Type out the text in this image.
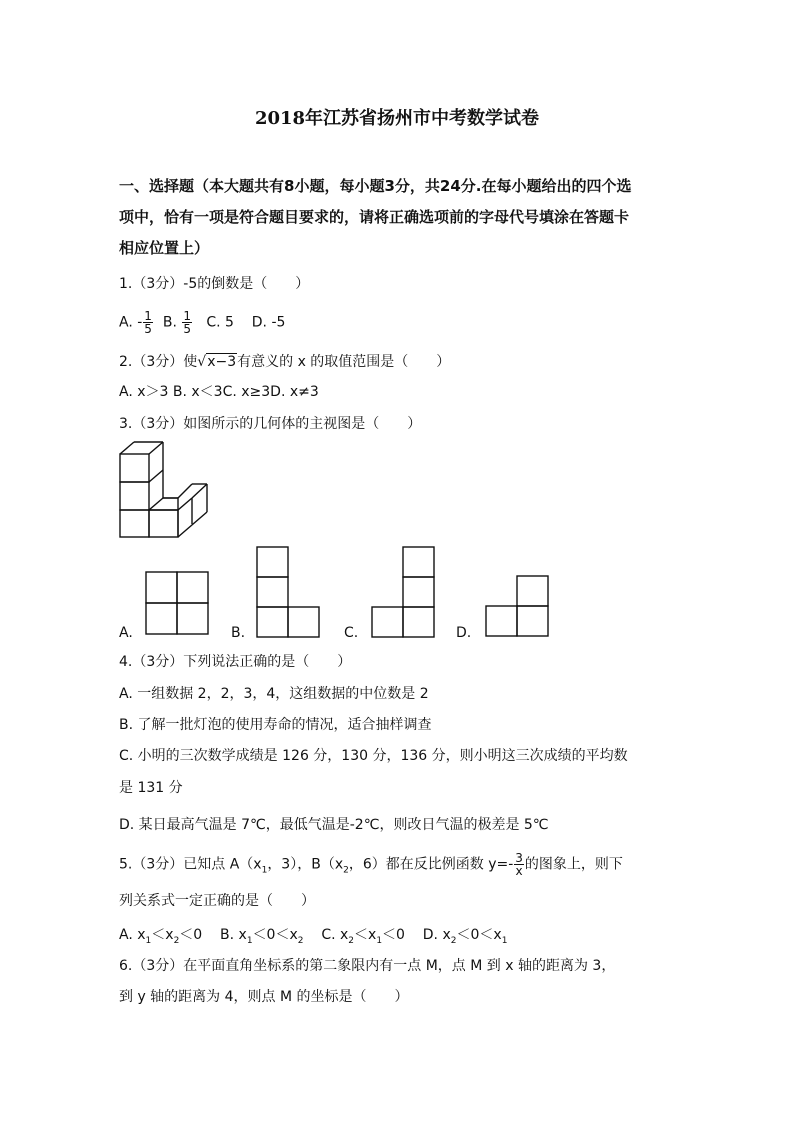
2018年江苏省扬州市中考数学试卷
一、选择题（本大题共有8小题，每小题3分，共24分.在每小题给出的四个选
项中，恰有一项是符合题目要求的，请将正确选项前的字母代号填涂在答题卡
相应位置上）
1.（3分）-5的倒数是（　　）
A. - $\frac{1}{5} B$. $\frac{1}{5} C$. 5 D. -5
2.（3分）使√x−3有意义的 x 的取值范围是（　　）
A. x＞3 B. x＜3C. x≥3D. x≠3
3.（3分）如图所示的几何体的主视图是（　　）
A.	B.	C.	D.
4.（3分）下列说法正确的是（　　）
A. 一组数据 2，2，3，4，这组数据的中位数是 2
B. 了解一批灯泡的使用寿命的情况，适合抽样调查
C. 小明的三次数学成绩是 126 分，130 分，136 分，则小明这三次成绩的平均数
是 131 分
D. 某日最高气温是 7℃，最低气温是-2℃，则改日气温的极差是 5℃
5.（3分）已知点 $A(x_1$，3），$B(x_2$，6）都在反比例函数 $y=- \frac{3}{x}$ 的图象上，则下
列关系式一定正确的是（　　）
A. $x_1<x_2<0$ B. $x_1<0<x_2$ C. $x_2<x_1<0$ D. $x_2<0<x_1$
6.（3分）在平面直角坐标系的第二象限内有一点 M，点 M 到 x 轴的距离为 3，
到 y 轴的距离为 4，则点 M 的坐标是（　　）
